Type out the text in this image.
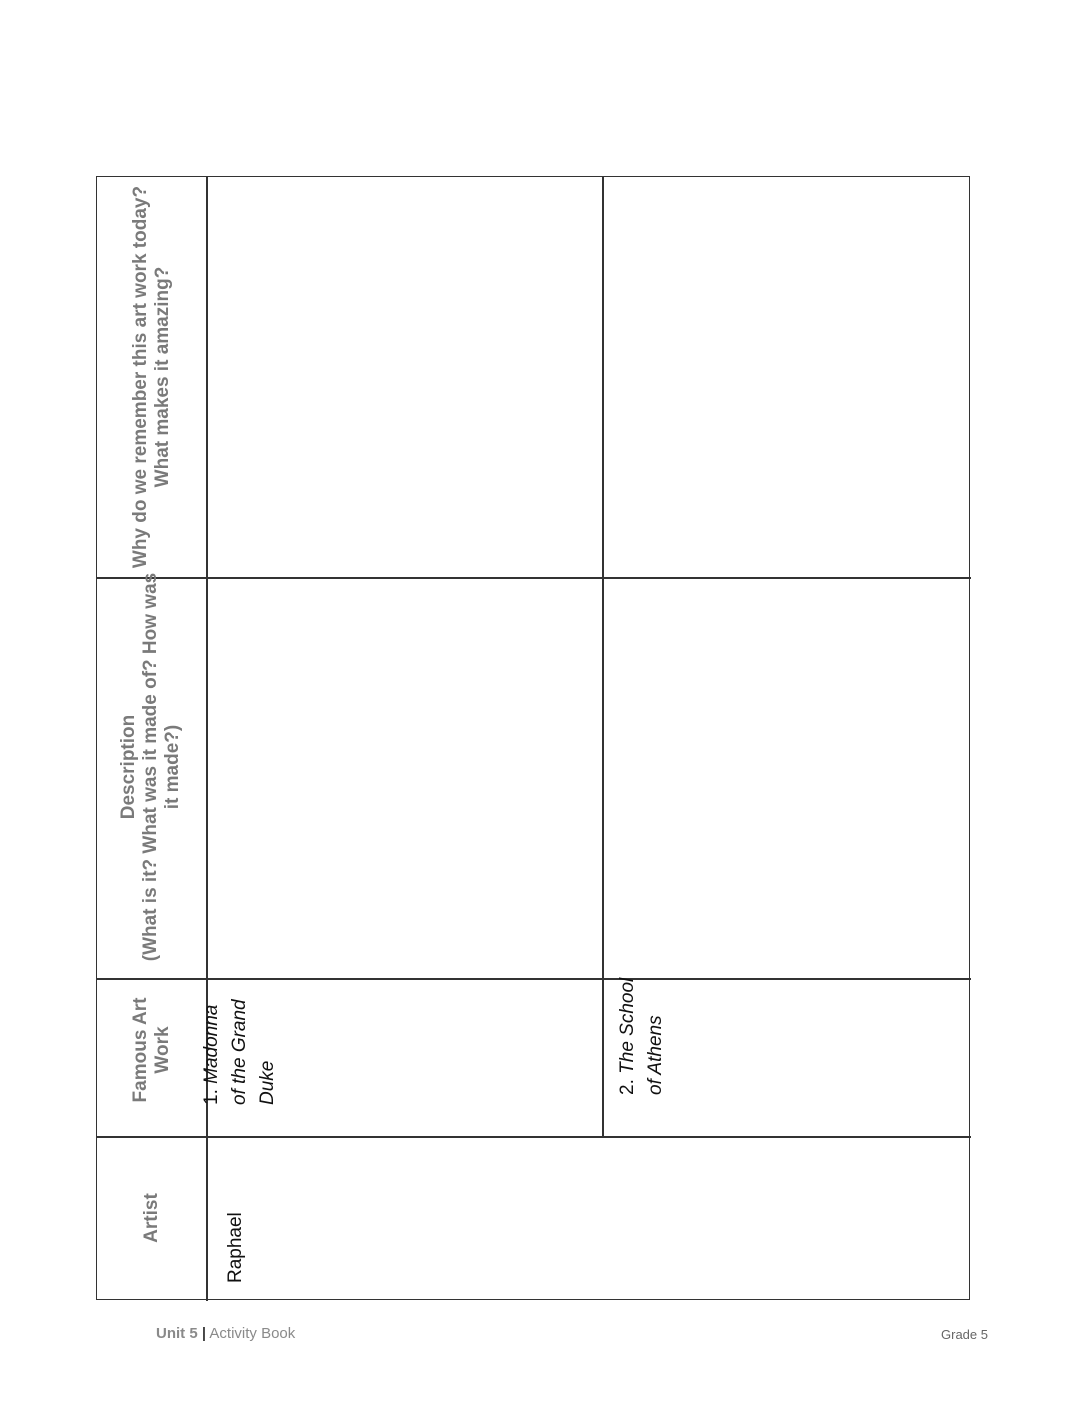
Why do we remember this art work today? What makes it amazing?
Description (What is it? What was it made of? How was it made?)
Famous Art Work
Artist
1. Madonna of the Grand Duke
Raphael
2. The School of Athens
Unit 5 | Activity Book	Grade 5
